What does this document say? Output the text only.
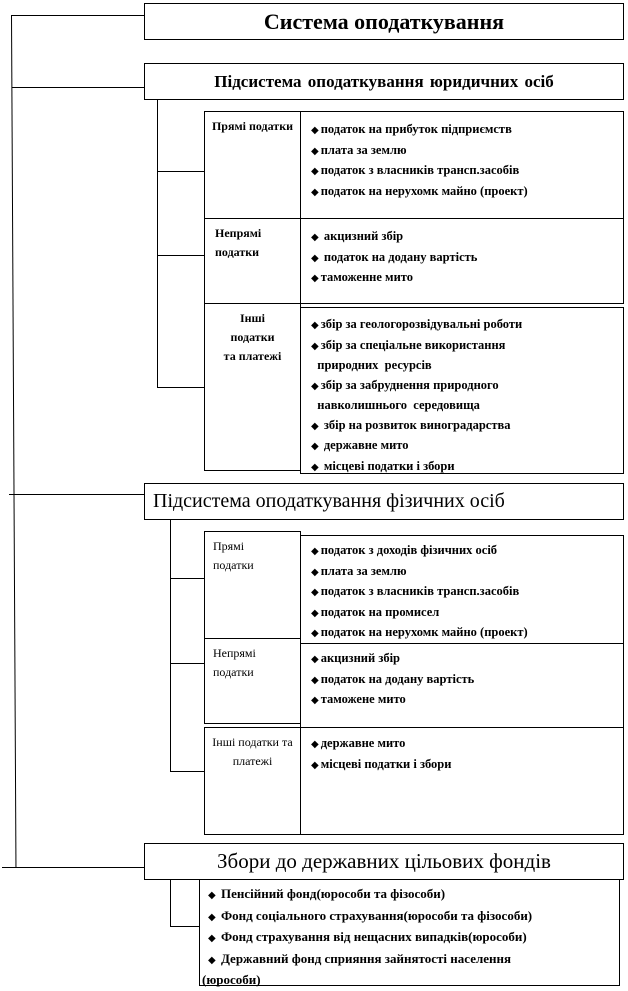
Система оподаткування
Підсистема оподаткування юридичних осіб
Прямі податки	◆ податок на прибуток підприємств
◆ плата за землю
◆ податок з власників трансп.засобів
◆ податок на нерухомк майно (проект)
Непрямі податки
◆ акцизний збір
◆ податок на додану вартість
◆ таможенне мито
Інші податки та платежі
◆ збір за геологорозвідувальні роботи
◆ збір за спеціальне використання
природних  ресурсів
◆ збір за забруднення природного
навколишнього  середовища
◆ збір на розвиток виноградарства
◆ державне мито
◆ місцеві податки і збори
Підсистема оподаткування фізичних осіб
Прямі податки
◆ податок з доходів фізичних осіб
◆ плата за землю
◆ податок з власників трансп.засобів
◆ податок на промисел
◆ податок на нерухомк майно (проект)
Непрямі податки
◆ акцизний збір
◆ податок на додану вартість
◆ таможене мито
Інші податки та платежі
◆ державне мито
◆ місцеві податки і збори
Збори до державних цільових фондів
◆ Пенсійний фонд(юрособи та фізособи)
◆ Фонд соціального страхування(юрособи та фізособи)
◆ Фонд страхування від нещасних випадків(юрособи)
◆ Державний фонд сприяння зайнятості населення
(юрособи)
